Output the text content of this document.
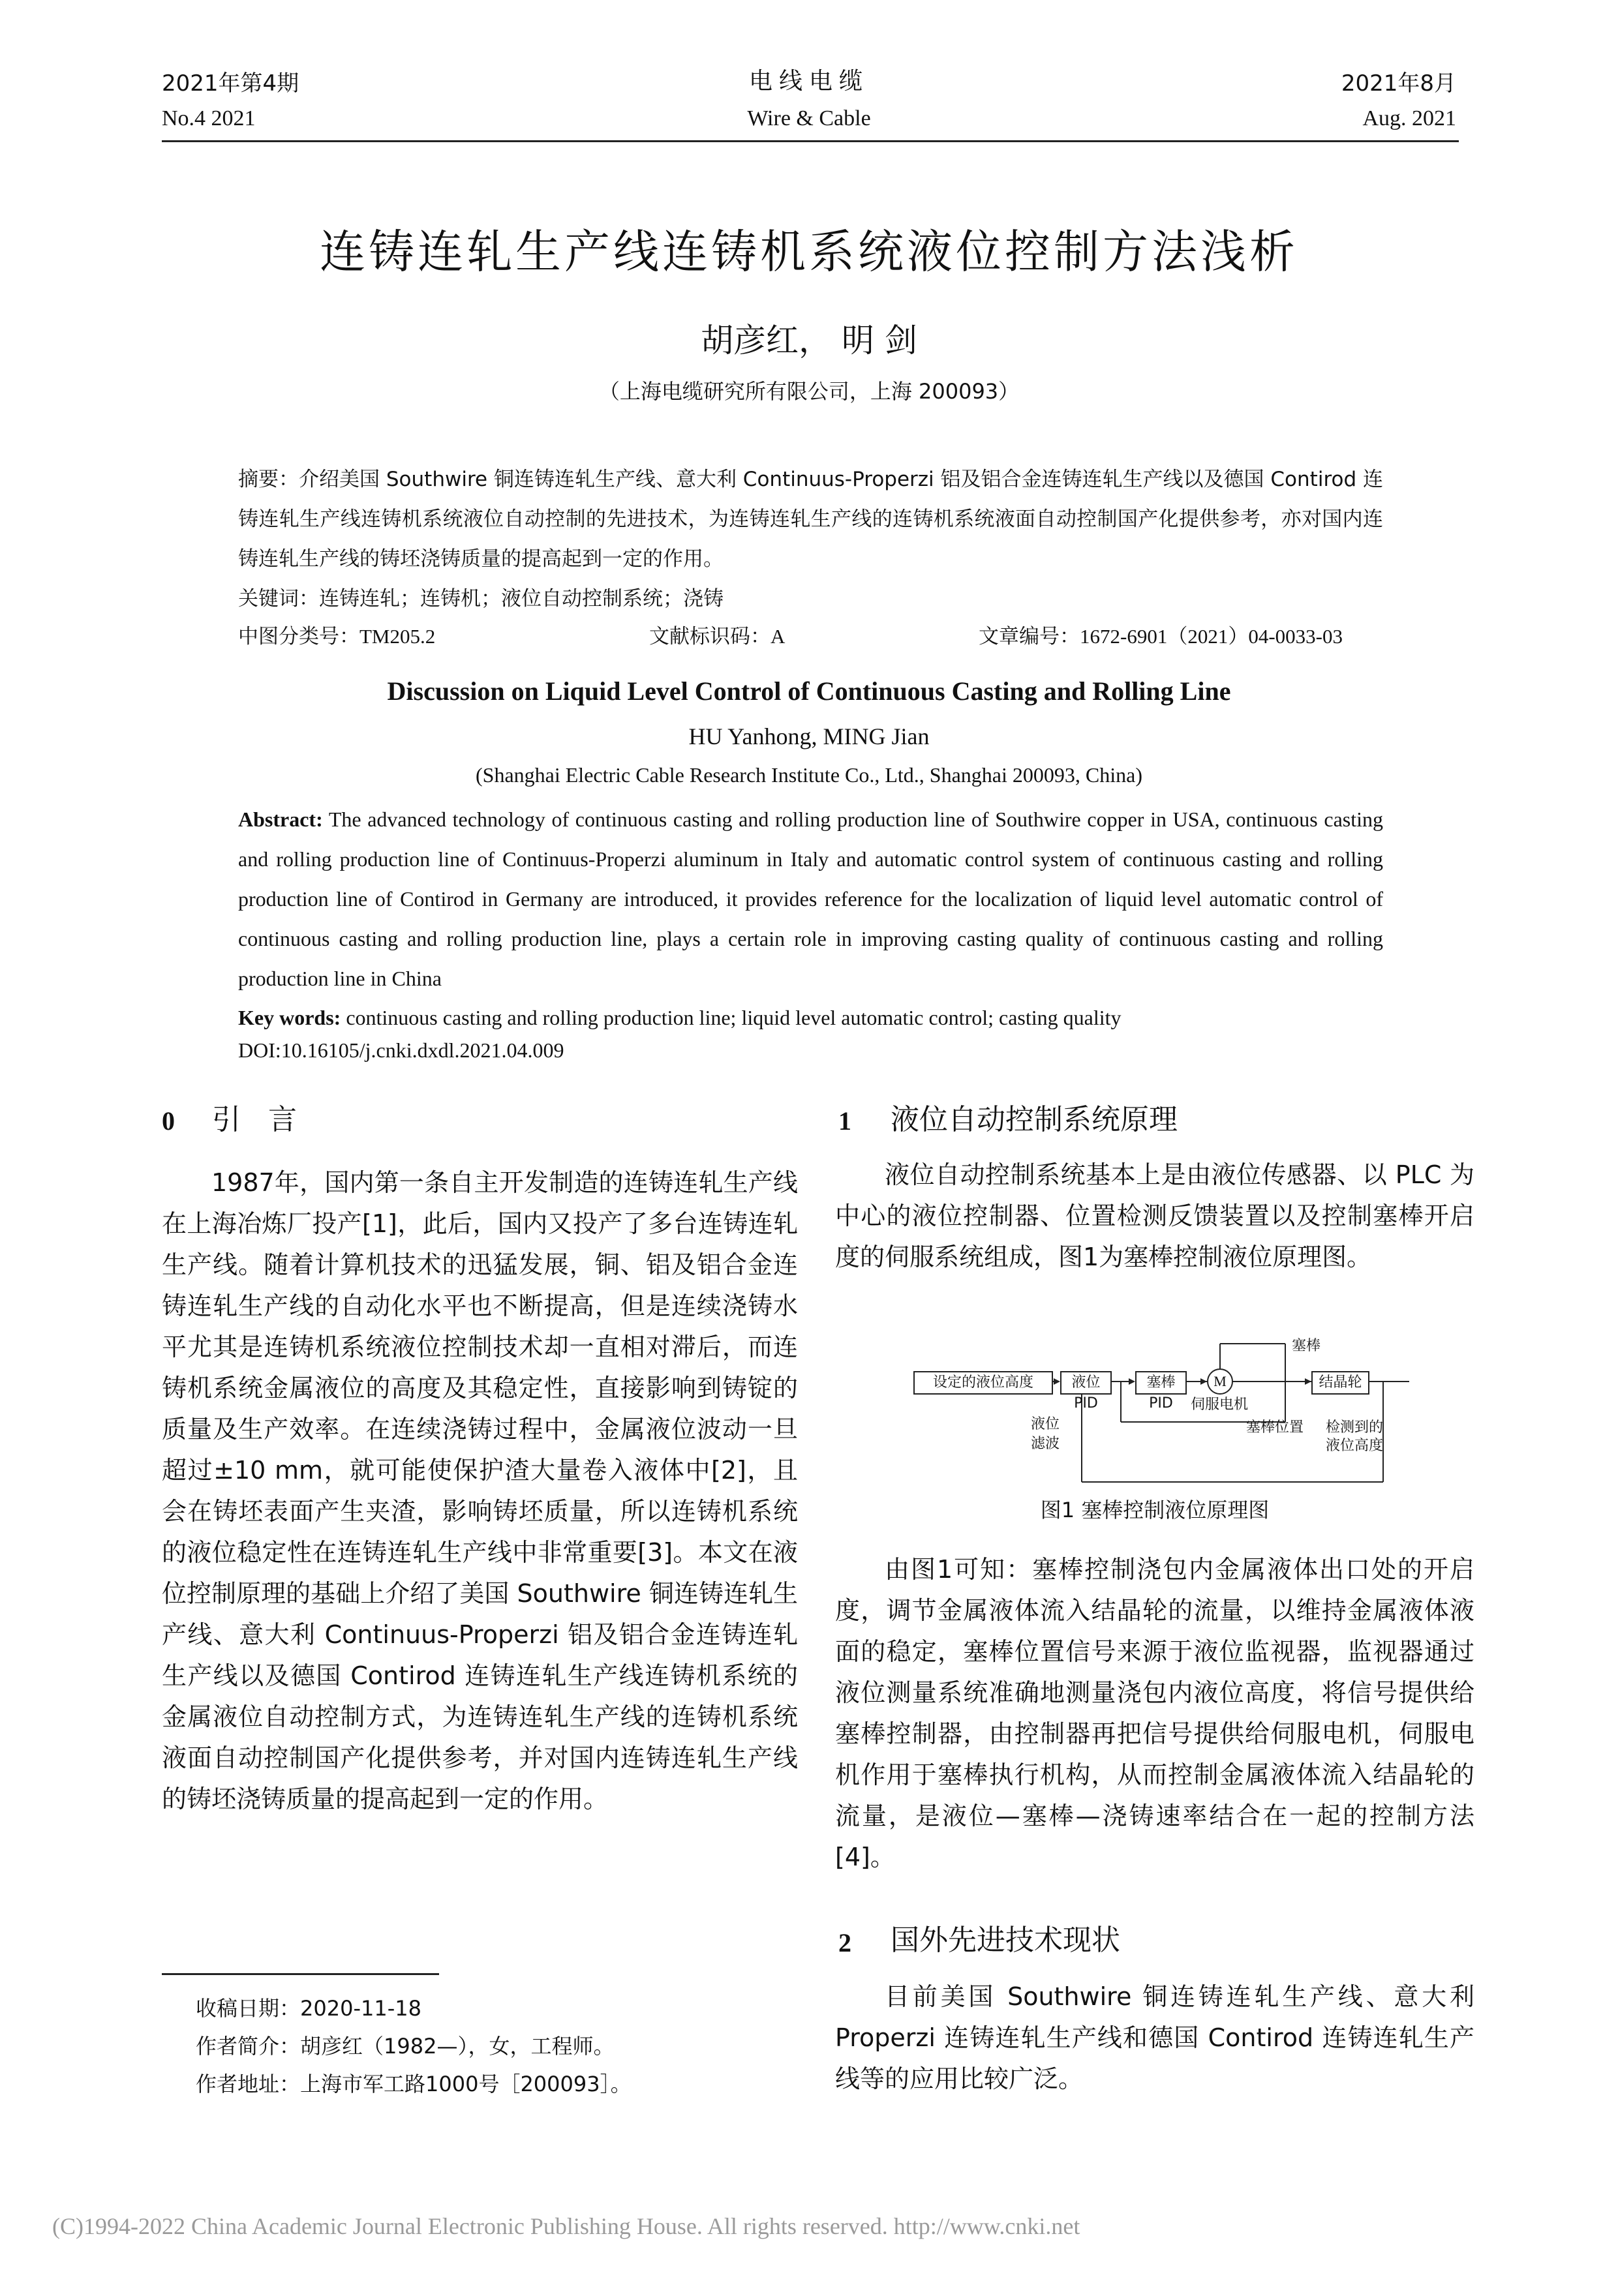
2021年第4期
No.4 2021
电线电缆
Wire & Cable
2021年8月
Aug. 2021
连铸连轧生产线连铸机系统液位控制方法浅析
胡彦红， 明 剑
（上海电缆研究所有限公司，上海 200093）
摘要：介绍美国 Southwire 铜连铸连轧生产线、意大利 Continuus-Properzi 铝及铝合金连铸连轧生产线以及德国 Contirod 连铸连轧生产线连铸机系统液位自动控制的先进技术，为连铸连轧生产线的连铸机系统液面自动控制国产化提供参考，亦对国内连铸连轧生产线的铸坯浇铸质量的提高起到一定的作用。
关键词：连铸连轧；连铸机；液位自动控制系统；浇铸
中图分类号：TM205.2	文献标识码：A	文章编号：1672-6901（2021）04-0033-03
Discussion on Liquid Level Control of Continuous Casting and Rolling Line
HU Yanhong, MING Jian
(Shanghai Electric Cable Research Institute Co., Ltd., Shanghai 200093, China)
Abstract: The advanced technology of continuous casting and rolling production line of Southwire copper in USA, continuous casting and rolling production line of Continuus-Properzi aluminum in Italy and automatic control system of continuous casting and rolling production line of Contirod in Germany are introduced, it provides reference for the localization of liquid level automatic control of continuous casting and rolling production line, plays a certain role in improving casting quality of continuous casting and rolling production line in China
Key words: continuous casting and rolling production line; liquid level automatic control; casting quality
DOI:10.16105/j.cnki.dxdl.2021.04.009
0 引 言
1987年，国内第一条自主开发制造的连铸连轧生产线在上海冶炼厂投产[1]，此后，国内又投产了多台连铸连轧生产线。随着计算机技术的迅猛发展，铜、铝及铝合金连铸连轧生产线的自动化水平也不断提高，但是连续浇铸水平尤其是连铸机系统液位控制技术却一直相对滞后，而连铸机系统金属液位的高度及其稳定性，直接影响到铸锭的质量及生产效率。在连续浇铸过程中，金属液位波动一旦超过±10 mm，就可能使保护渣大量卷入液体中[2]，且会在铸坯表面产生夹渣，影响铸坯质量，所以连铸机系统的液位稳定性在连铸连轧生产线中非常重要[3]。本文在液位控制原理的基础上介绍了美国 Southwire 铜连铸连轧生产线、意大利 Continuus-Properzi 铝及铝合金连铸连轧生产线以及德国 Contirod 连铸连轧生产线连铸机系统的金属液位自动控制方式，为连铸连轧生产线的连铸机系统液面自动控制国产化提供参考，并对国内连铸连轧生产线的铸坯浇铸质量的提高起到一定的作用。
收稿日期：2020-11-18
作者简介：胡彦红（1982—），女，工程师。
作者地址：上海市军工路1000号［200093］。
1 液位自动控制系统原理
液位自动控制系统基本上是由液位传感器、以 PLC 为中心的液位控制器、位置检测反馈装置以及控制塞棒开启度的伺服系统组成，图1为塞棒控制液位原理图。
设定的液位高度	液位PID
塞棒PID
M	结晶轮
伺服电机
塞棒
液位
滤波
塞棒位置 检测到的
液位高度
图1 塞棒控制液位原理图
由图1可知：塞棒控制浇包内金属液体出口处的开启度，调节金属液体流入结晶轮的流量，以维持金属液体液面的稳定，塞棒位置信号来源于液位监视器，监视器通过液位测量系统准确地测量浇包内液位高度，将信号提供给塞棒控制器，由控制器再把信号提供给伺服电机，伺服电机作用于塞棒执行机构，从而控制金属液体流入结晶轮的流量，是液位—塞棒—浇铸速率结合在一起的控制方法[4]。
2 国外先进技术现状
目前美国 Southwire 铜连铸连轧生产线、意大利 Properzi 连铸连轧生产线和德国 Contirod 连铸连轧生产线等的应用比较广泛。
(C)1994-2022 China Academic Journal Electronic Publishing House. All rights reserved. http://www.cnki.net
